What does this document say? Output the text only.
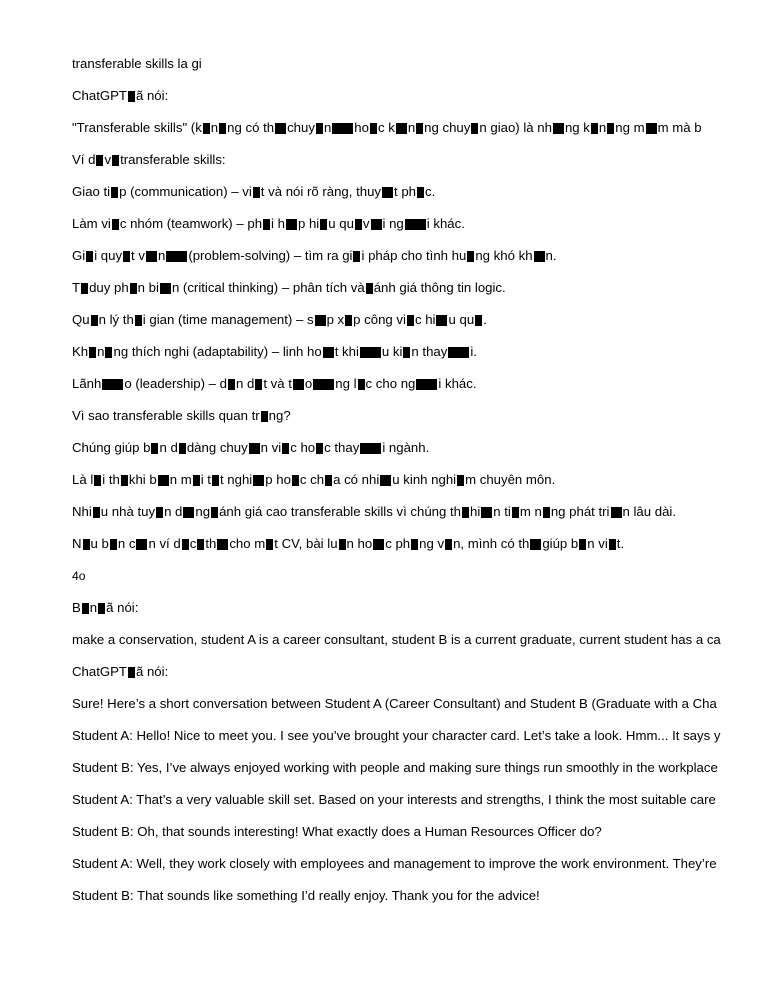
transferable skills la gi
ChatGPT
ã nói:
"Transferable skills" (k
n ng có th
chuy n
ho c k
n ng chuy n giao) là nh ng k
n ng m m mà b
Ví d
v
transferable skills:
Giao ti p (communication) – vi t và nói rõ ràng, thuy t ph c.
Làm vi c nhóm (teamwork) – ph i h p hi u qu
v i ng i khác.
Gi i quy t v n
(problem-solving) – tìm ra gi i pháp cho tình hu ng khó kh n.
T
duy ph n bi n (critical thinking) – phân tích và
ánh giá thông tin logic.
Qu n lý th i gian (time management) – s p x p công vi c hi u qu .
Kh
n ng thích nghi (adaptability) – linh ho t khi
u ki n thay
i.
Lãnh
o (leadership) – d n d t và t o
ng l c cho ng i khác.
Vì sao transferable skills quan tr ng?
Chúng giúp b n d
dàng chuy n vi c ho c thay
i ngành.
Là l i th
khi b n m i t t nghi p ho c ch a có nhi u kinh nghi m chuyên môn.
Nhi u nhà tuy n d ng
ánh giá cao transferable skills vì chúng th
hi n ti m n ng phát tri n lâu dài.
N u b n c n ví d
c
th
cho m t CV, bài lu n ho c ph ng v n, mình có th
giúp b n vi t.
4o
B n
ã nói:
make a conservation, student A is a career consultant, student B is a current graduate, current student has a ca
ChatGPT
ã nói:
Sure! Here’s a short conversation between Student A (Career Consultant) and Student B (Graduate with a Cha
Student A: Hello! Nice to meet you. I see you’ve brought your character card. Let’s take a look. Hmm... It says y
Student B: Yes, I’ve always enjoyed working with people and making sure things run smoothly in the workplace
Student A: That’s a very valuable skill set. Based on your interests and strengths, I think the most suitable care
Student B: Oh, that sounds interesting! What exactly does a Human Resources Officer do?
Student A: Well, they work closely with employees and management to improve the work environment. They’re
Student B: That sounds like something I’d really enjoy. Thank you for the advice!
